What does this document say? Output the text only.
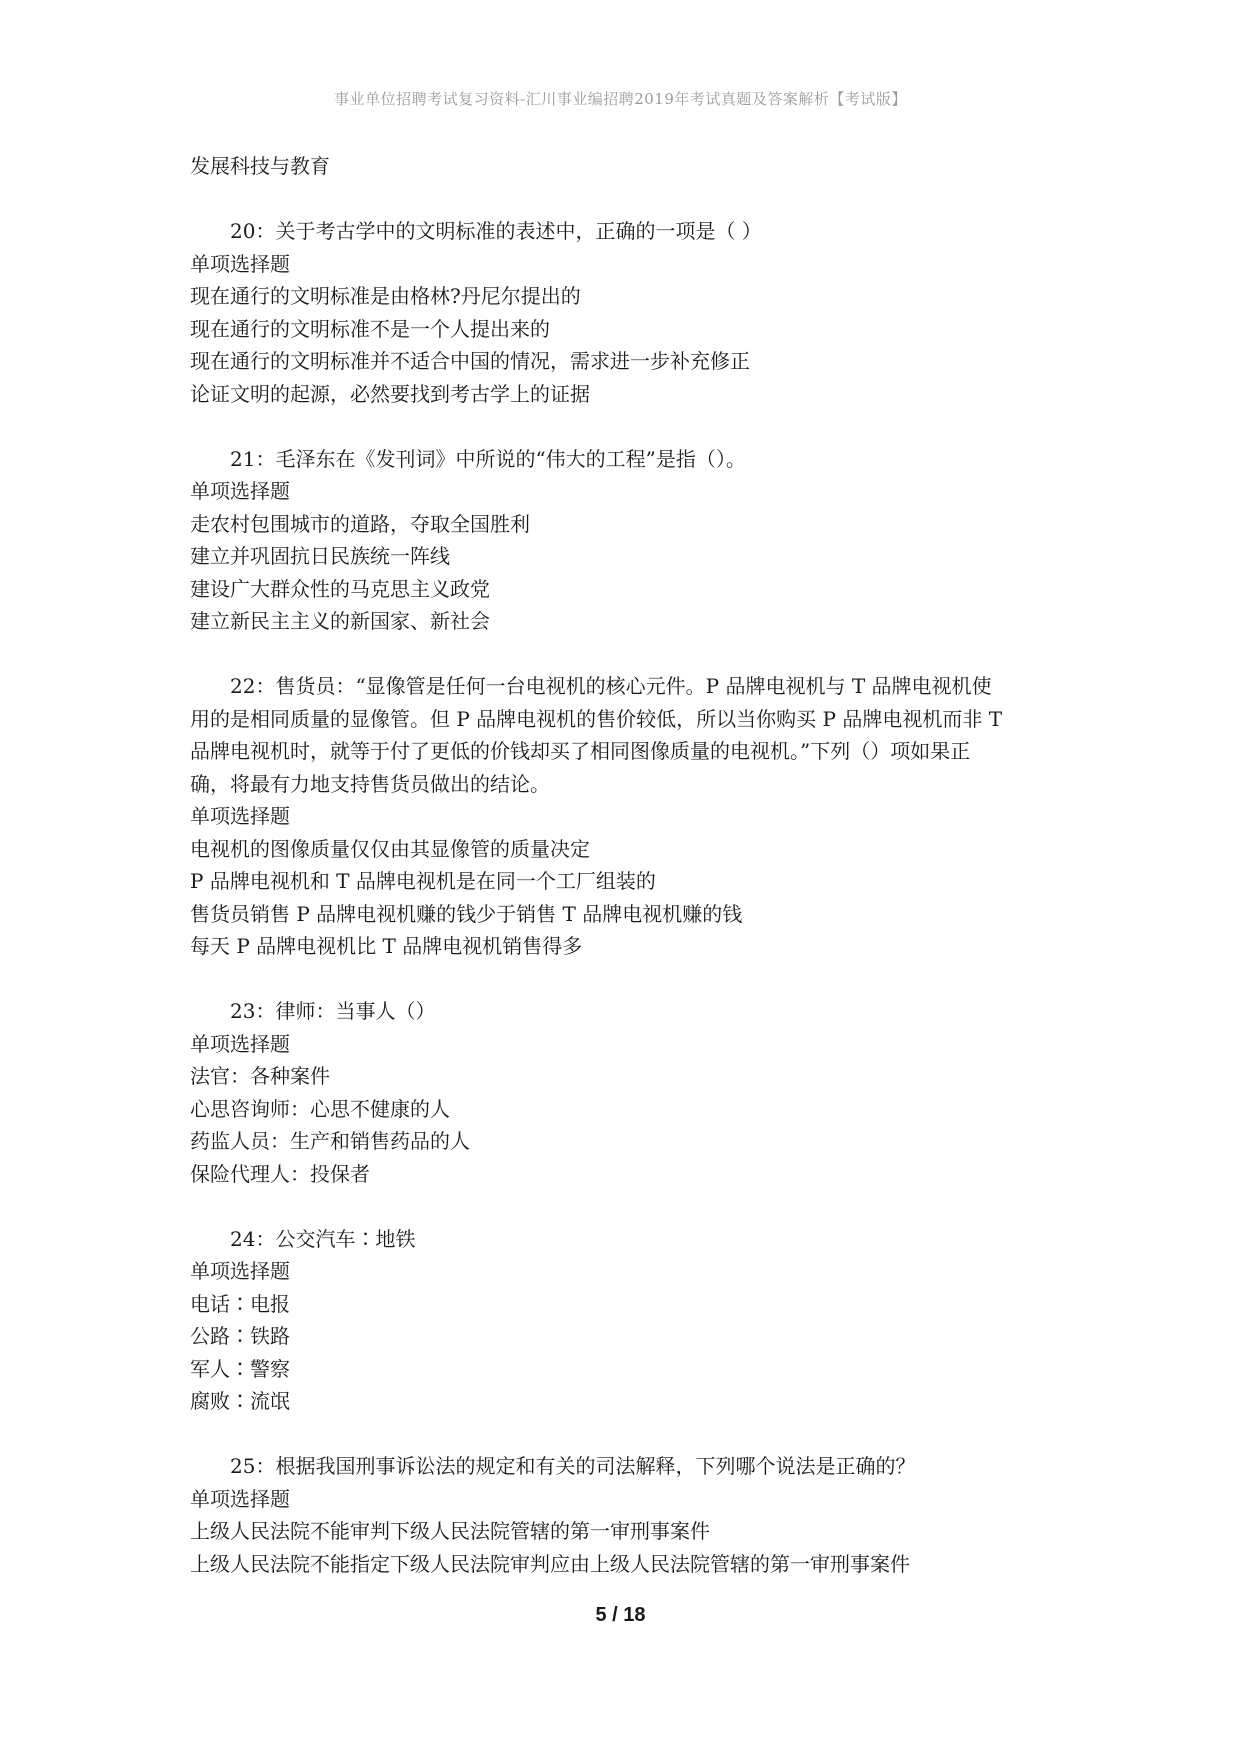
事业单位招聘考试复习资料-汇川事业编招聘2019年考试真题及答案解析【考试版】
发展科技与教育
20：关于考古学中的文明标准的表述中，正确的一项是（ ）
单项选择题
现在通行的文明标准是由格林?丹尼尔提出的
现在通行的文明标准不是一个人提出来的
现在通行的文明标准并不适合中国的情况，需求进一步补充修正
论证文明的起源，必然要找到考古学上的证据
21：毛泽东在《发刊词》中所说的“伟大的工程”是指（）。
单项选择题
走农村包围城市的道路，夺取全国胜利
建立并巩固抗日民族统一阵线
建设广大群众性的马克思主义政党
建立新民主主义的新国家、新社会
22：售货员：“显像管是任何一台电视机的核心元件。P 品牌电视机与 T 品牌电视机使
用的是相同质量的显像管。但 P 品牌电视机的售价较低，所以当你购买 P 品牌电视机而非 T
品牌电视机时，就等于付了更低的价钱却买了相同图像质量的电视机。”下列（）项如果正
确，将最有力地支持售货员做出的结论。
单项选择题
电视机的图像质量仅仅由其显像管的质量决定
P 品牌电视机和 T 品牌电视机是在同一个工厂组装的
售货员销售 P 品牌电视机赚的钱少于销售 T 品牌电视机赚的钱
每天 P 品牌电视机比 T 品牌电视机销售得多
23：律师：当事人（）
单项选择题
法官：各种案件
心思咨询师：心思不健康的人
药监人员：生产和销售药品的人
保险代理人：投保者
24：公交汽车∶地铁
单项选择题
电话∶电报
公路∶铁路
军人∶警察
腐败∶流氓
25：根据我国刑事诉讼法的规定和有关的司法解释，下列哪个说法是正确的？
单项选择题
上级人民法院不能审判下级人民法院管辖的第一审刑事案件
上级人民法院不能指定下级人民法院审判应由上级人民法院管辖的第一审刑事案件
5 / 18
